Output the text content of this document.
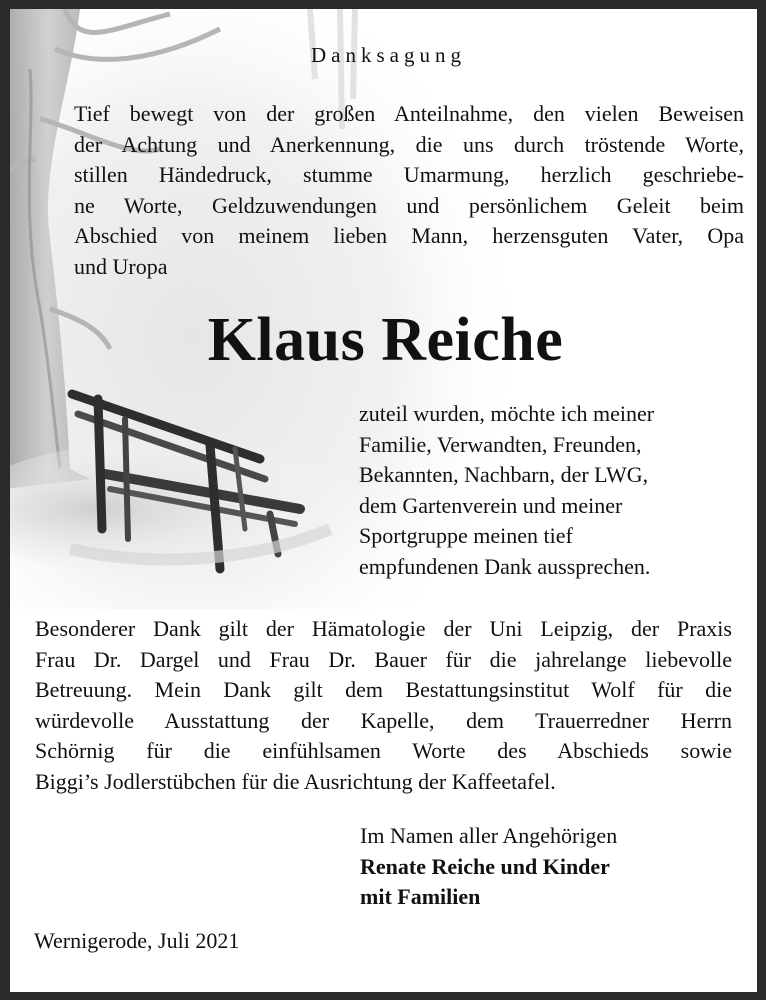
Danksagung
Tief bewegt von der großen Anteilnahme, den vielen Beweisen
der Achtung und Anerkennung, die uns durch tröstende Worte,
stillen Händedruck, stumme Umarmung, herzlich geschriebe-
ne Worte, Geldzuwendungen und persönlichem Geleit beim
Abschied von meinem lieben Mann, herzensguten Vater, Opa
und Uropa
Klaus Reiche
zuteil wurden, möchte ich meiner
Familie, Verwandten, Freunden,
Bekannten, Nachbarn, der LWG,
dem Gartenverein und meiner
Sportgruppe meinen tief
empfundenen Dank aussprechen.
Besonderer Dank gilt der Hämatologie der Uni Leipzig, der Praxis
Frau Dr. Dargel und Frau Dr. Bauer für die jahrelange liebevolle
Betreuung. Mein Dank gilt dem Bestattungsinstitut Wolf für die
würdevolle Ausstattung der Kapelle, dem Trauerredner Herrn
Schörnig für die einfühlsamen Worte des Abschieds sowie
Biggi’s Jodlerstübchen für die Ausrichtung der Kaffeetafel.
Im Namen aller Angehörigen
Renate Reiche und Kinder
mit Familien
Wernigerode, Juli 2021
